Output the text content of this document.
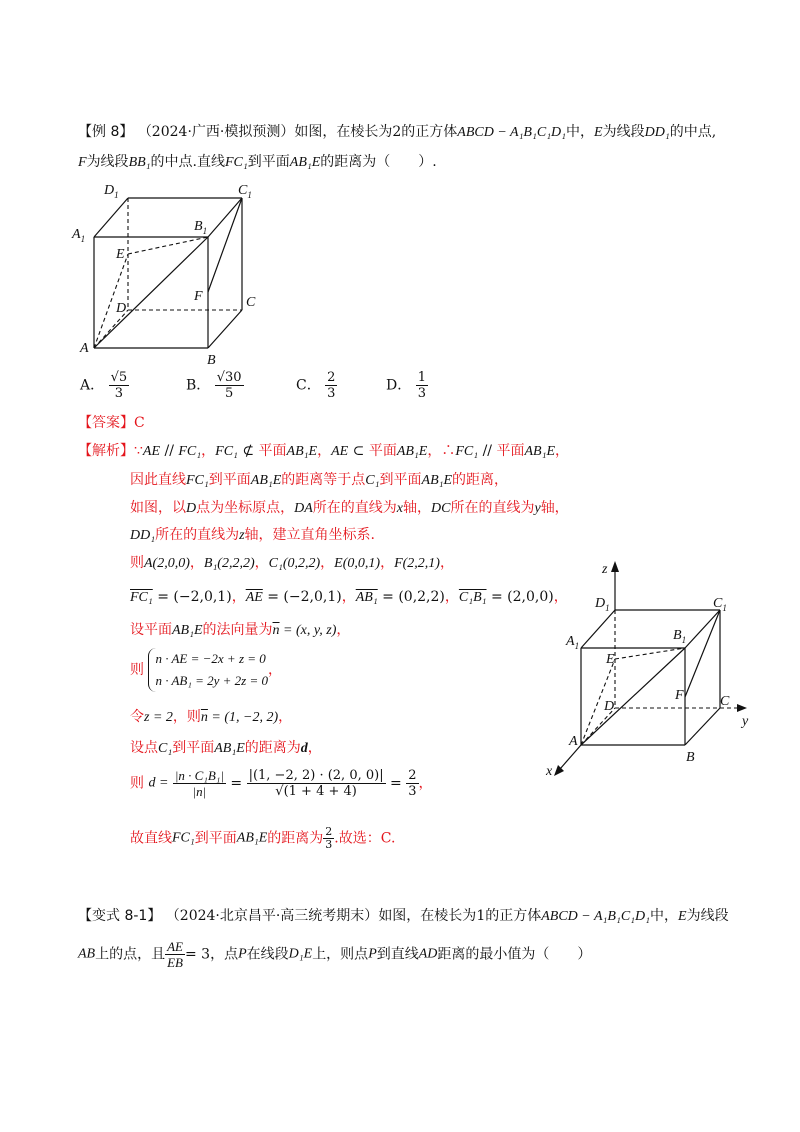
【例 8】 （2024·广西·模拟预测）如图，在棱长为2的正方体ABCD − A₁B₁C₁D₁中，E为线段DD₁的中点,
F为线段BB₁的中点.直线FC₁到平面AB₁E的距离为（　　）.
$D_1$	$C_1$
$A_1$
$B_1$
E
F
D	C
A
B
A． $\frac{√5}{3}$	B． $\frac{√30}{5}$	C． $\frac{2}{3}$	D． $\frac{1}{3}$
【答案】C
【解析】∵AE // FC₁，FC₁ ⊄ 平面AB₁E，AE ⊂ 平面AB₁E，∴FC₁ // 平面AB₁E，
因此直线FC₁到平面AB₁E的距离等于点C₁到平面AB₁E的距离，
如图，以D点为坐标原点，DA所在的直线为x轴，DC所在的直线为y轴，
DD₁所在的直线为z轴，建立直角坐标系.
则A(2,0,0)，B₁(2,2,2)，C₁(0,2,2)，E(0,0,1)，F(2,2,1)，
FC₁ = (−2,0,1)，$\overline{AE} = (-2,0,1)$，AB₁ = (0,2,2)，C₁B₁ = (2,0,0)，
设平面AB₁E的法向量为$\overline{n} = (x$, y, z)，
则
n · AE = −2x + z = 0
n · AB₁ = 2y + 2z = 0
，
令z = 2，则$\overline{n} = (1$, −2, 2)，
设点C₁到平面AB₁E的距离为d，
则 $d = \frac{\text{|n · C₁B₁|}}{|n|} = \frac{|(1, -2, 2) \cdot (2, 0, 0)|}{√(1 + 4 + 4)} = \frac{2}{3}$ ，
故直线FC₁到平面AB₁E的距离为 $\frac{2}{3}$ .故选：C.
z
y
x
$D_1$	$C_1$
$A_1$
$B_1$
E
F
D	C
A
B
【变式 8-1】 （2024·北京昌平·高三统考期末）如图，在棱长为1的正方体ABCD − A₁B₁C₁D₁中，E为线段
AB上的点，且 $\frac{AE}{EB} = 3$，点P在线段D₁E上，则点P到直线AD距离的最小值为（　　）
